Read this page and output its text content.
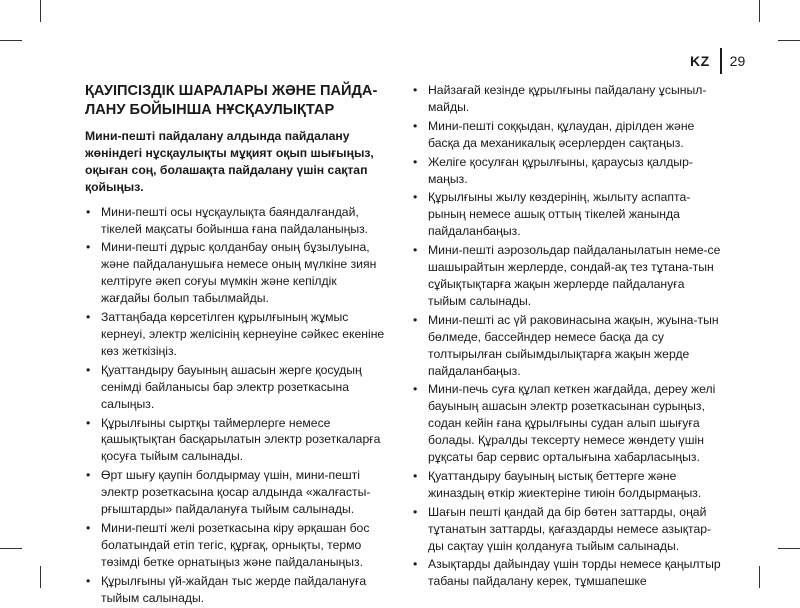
KZ 29
ҚАУІПСІЗДІК ШАРАЛАРЫ ЖӘНЕ ПАЙДА-ЛАНУ БОЙЫНША НҰСҚАУЛЫҚТАР

Мини-пешті пайдалану алдында пайдалану жөніндегі нұсқаулықты мұқият оқып шығыңыз, оқыған соң, болашақта пайдалану үшін сақтап қойыңыз.

• Мини-пешті осы нұсқаулықта баяндалғандай, тікелей мақсаты бойынша ғана пайдаланыңыз.
• Мини-пешті дұрыс қолданбау оның бұзылуына, және пайдаланушыға немесе оның мүлкіне зиян келтіруге әкеп соғуы мүмкін және кепілдік жағдайы болып табылмайды.
• Заттаңбада көрсетілген құрылғының жұмыс кернеуі, электр желісінің кернеуіне сәйкес екеніне көз жеткізіңіз.
• Қуаттандыру бауының ашасын жерге қосудың сенімді байланысы бар электр розеткасына салыңыз.
• Құрылғыны сыртқы таймерлерге немесе қашықтықтан басқарылатын электр розеткаларға қосуға тыйым салынады.
• Өрт шығу қаупін болдырмау үшін, мини-пешті электр розеткасына қосар алдында «жалғасты-рғыштарды» пайдалануға тыйым салынады.
• Мини-пешті желі розеткасына кіру әрқашан бос болатындай етіп тегіс, құрғақ, орнықты, термо төзімді бетке орнатыңыз және пайдаланыңыз.
• Құрылғыны үй-жайдан тыс жерде пайдалануға тыйым салынады.
• Найзағай кезінде құрылғыны пайдалану ұсыныл-майды.
• Мини-пешті соққыдан, құлаудан, дірілден және басқа да механикалық әсерлерден сақтаңыз.
• Желіге қосулған құрылғыны, қараусыз қалдыр-маңыз.
• Құрылғыны жылу көздерінің, жылыту аспапта-рының немесе ашық оттың тікелей жанында пайдаланбаңыз.
• Мини-пешті аэрозольдар пайдаланылатын неме-се шашырайтын жерлерде, сондай-ақ тез тұтана-тын сұйықтықтарға жақын жерлерде пайдалануға тыйым салынады.
• Мини-пешті ас үй раковинасына жақын, жуына-тын бөлмеде, бассейндер немесе басқа да су толтырылған сыйымдылықтарға жақын жерде пайдаланбаңыз.
• Мини-печь суға құлап кеткен жағдайда, дереу желі бауының ашасын электр розеткасынан сурыңыз, содан кейін ғана құрылғыны судан алып шығуға болады. Құралды тексерту немесе жөндету үшін рұқсаты бар сервис орталығына хабарласыңыз.
• Қуаттандыру бауының ыстық беттерге және жиназдың өткір жиектеріне тиюін болдырмаңыз.
• Шағын пешті қандай да бір бөтен заттарды, оңай тұтанатын заттарды, қағаздарды немесе азықтар-ды сақтау үшін қолдануға тыйым салынады.
• Азықтарды дайындау үшін торды немесе қаңылтыр табаны пайдалану керек, тұмшапешке
